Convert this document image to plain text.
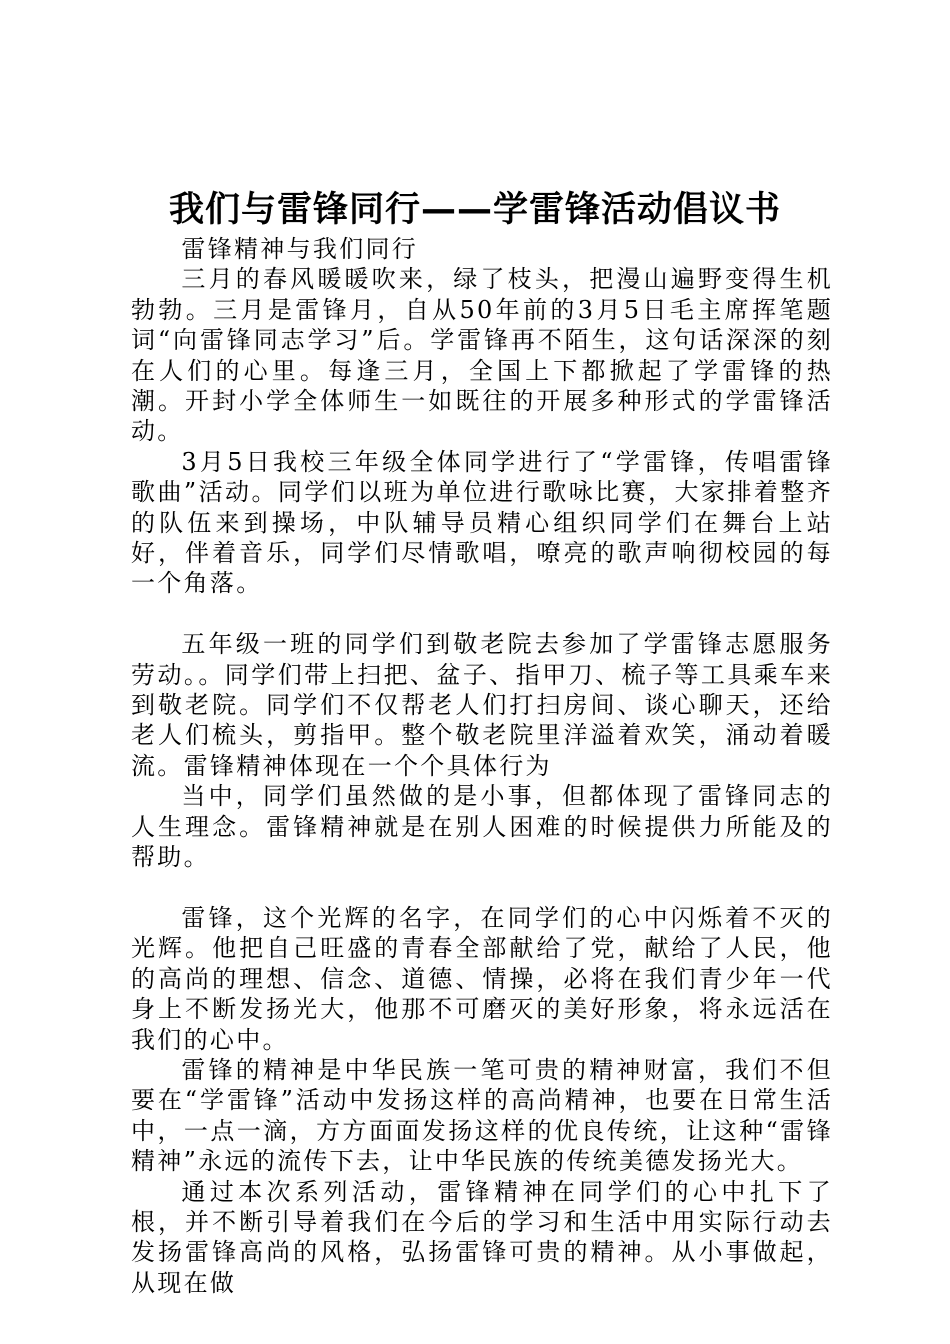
我们与雷锋同行——学雷锋活动倡议书

雷锋精神与我们同行

三月的春风暖暖吹来，绿了枝头，把漫山遍野变得生机勃勃。三月是雷锋月，自从50年前的3月5日毛主席挥笔题词“向雷锋同志学习”后。学雷锋再不陌生，这句话深深的刻在人们的心里。每逢三月，全国上下都掀起了学雷锋的热潮。开封小学全体师生一如既往的开展多种形式的学雷锋活动。

3月5日我校三年级全体同学进行了“学雷锋，传唱雷锋歌曲”活动。同学们以班为单位进行歌咏比赛，大家排着整齐的队伍来到操场，中队辅导员精心组织同学们在舞台上站好，伴着音乐，同学们尽情歌唱，嘹亮的歌声响彻校园的每一个角落。

五年级一班的同学们到敬老院去参加了学雷锋志愿服务劳动。。同学们带上扫把、盆子、指甲刀、梳子等工具乘车来到敬老院。同学们不仅帮老人们打扫房间、谈心聊天，还给老人们梳头，剪指甲。整个敬老院里洋溢着欢笑，涌动着暖流。雷锋精神体现在一个个具体行为

当中，同学们虽然做的是小事，但都体现了雷锋同志的人生理念。雷锋精神就是在别人困难的时候提供力所能及的帮助。

雷锋，这个光辉的名字，在同学们的心中闪烁着不灭的光辉。他把自己旺盛的青春全部献给了党，献给了人民，他的高尚的理想、信念、道德、情操，必将在我们青少年一代身上不断发扬光大，他那不可磨灭的美好形象，将永远活在我们的心中。

雷锋的精神是中华民族一笔可贵的精神财富，我们不但要在“学雷锋”活动中发扬这样的高尚精神，也要在日常生活中，一点一滴，方方面面发扬这样的优良传统，让这种“雷锋精神”永远的流传下去，让中华民族的传统美德发扬光大。

通过本次系列活动，雷锋精神在同学们的心中扎下了根，并不断引导着我们在今后的学习和生活中用实际行动去发扬雷锋高尚的风格，弘扬雷锋可贵的精神。从小事做起，从现在做
